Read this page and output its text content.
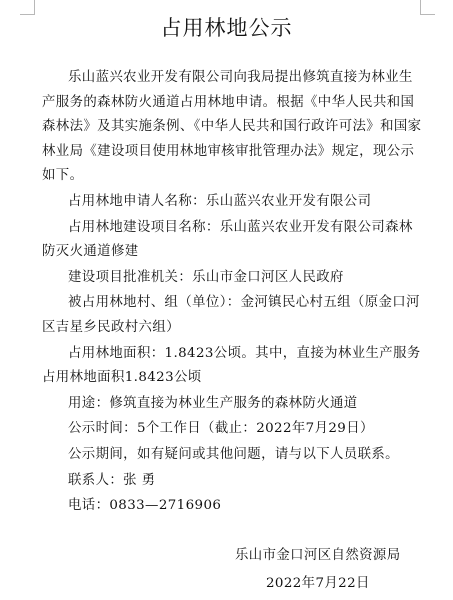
占用林地公示

乐山蓝兴农业开发有限公司向我局提出修筑直接为林业生产服务的森林防火通道占用林地申请。根据《中华人民共和国森林法》及其实施条例、《中华人民共和国行政许可法》和国家林业局《建设项目使用林地审核审批管理办法》规定，现公示如下。

占用林地申请人名称：乐山蓝兴农业开发有限公司

占用林地建设项目名称：乐山蓝兴农业开发有限公司森林防灭火通道修建

建设项目批准机关：乐山市金口河区人民政府

被占用林地村、组（单位）：金河镇民心村五组（原金口河区吉星乡民政村六组）

占用林地面积：1.8423公顷。其中，直接为林业生产服务占用林地面积1.8423公顷

用途：修筑直接为林业生产服务的森林防火通道

公示时间：5个工作日（截止：2022年7月29日）

公示期间，如有疑问或其他问题，请与以下人员联系。

联系人：张 勇

电话：0833—2716906

乐山市金口河区自然资源局
2022年7月22日
